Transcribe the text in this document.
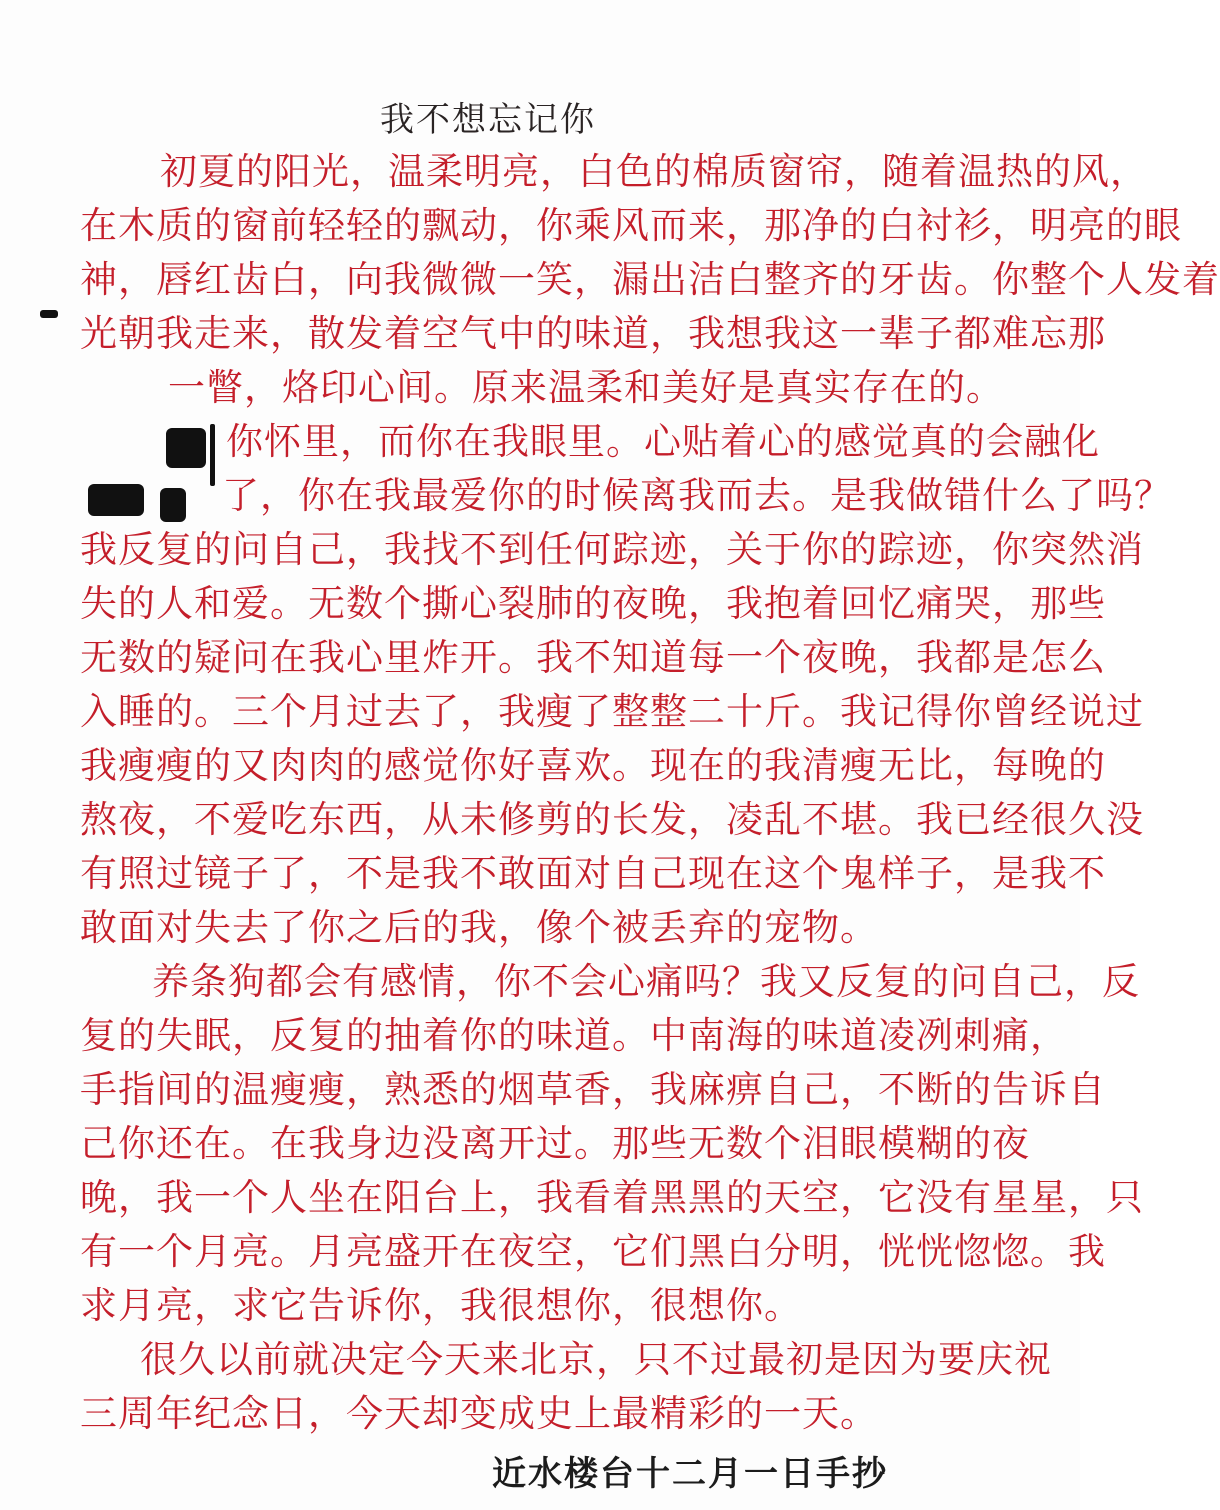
我不想忘记你
初夏的阳光，温柔明亮，白色的棉质窗帘，随着温热的风，
在木质的窗前轻轻的飘动，你乘风而来，那净的白衬衫，明亮的眼
神，唇红齿白，向我微微一笑，漏出洁白整齐的牙齿。你整个人发着
光朝我走来，散发着空气中的味道，我想我这一辈子都难忘那
一瞥，烙印心间。原来温柔和美好是真实存在的。
你怀里，而你在我眼里。心贴着心的感觉真的会融化
了，你在我最爱你的时候离我而去。是我做错什么了吗？
我反复的问自己，我找不到任何踪迹，关于你的踪迹，你突然消
失的人和爱。无数个撕心裂肺的夜晚，我抱着回忆痛哭，那些
无数的疑问在我心里炸开。我不知道每一个夜晚，我都是怎么
入睡的。三个月过去了，我瘦了整整二十斤。我记得你曾经说过
我瘦瘦的又肉肉的感觉你好喜欢。现在的我清瘦无比，每晚的
熬夜，不爱吃东西，从未修剪的长发，凌乱不堪。我已经很久没
有照过镜子了，不是我不敢面对自己现在这个鬼样子，是我不
敢面对失去了你之后的我，像个被丢弃的宠物。
养条狗都会有感情，你不会心痛吗？我又反复的问自己，反
复的失眠，反复的抽着你的味道。中南海的味道凌冽刺痛，
手指间的温瘦瘦，熟悉的烟草香，我麻痹自己，不断的告诉自
己你还在。在我身边没离开过。那些无数个泪眼模糊的夜
晚，我一个人坐在阳台上，我看着黑黑的天空，它没有星星，只
有一个月亮。月亮盛开在夜空，它们黑白分明，恍恍惚惚。我
求月亮，求它告诉你，我很想你，很想你。
很久以前就决定今天来北京，只不过最初是因为要庆祝
三周年纪念日，今天却变成史上最精彩的一天。
近水楼台十二月一日手抄
